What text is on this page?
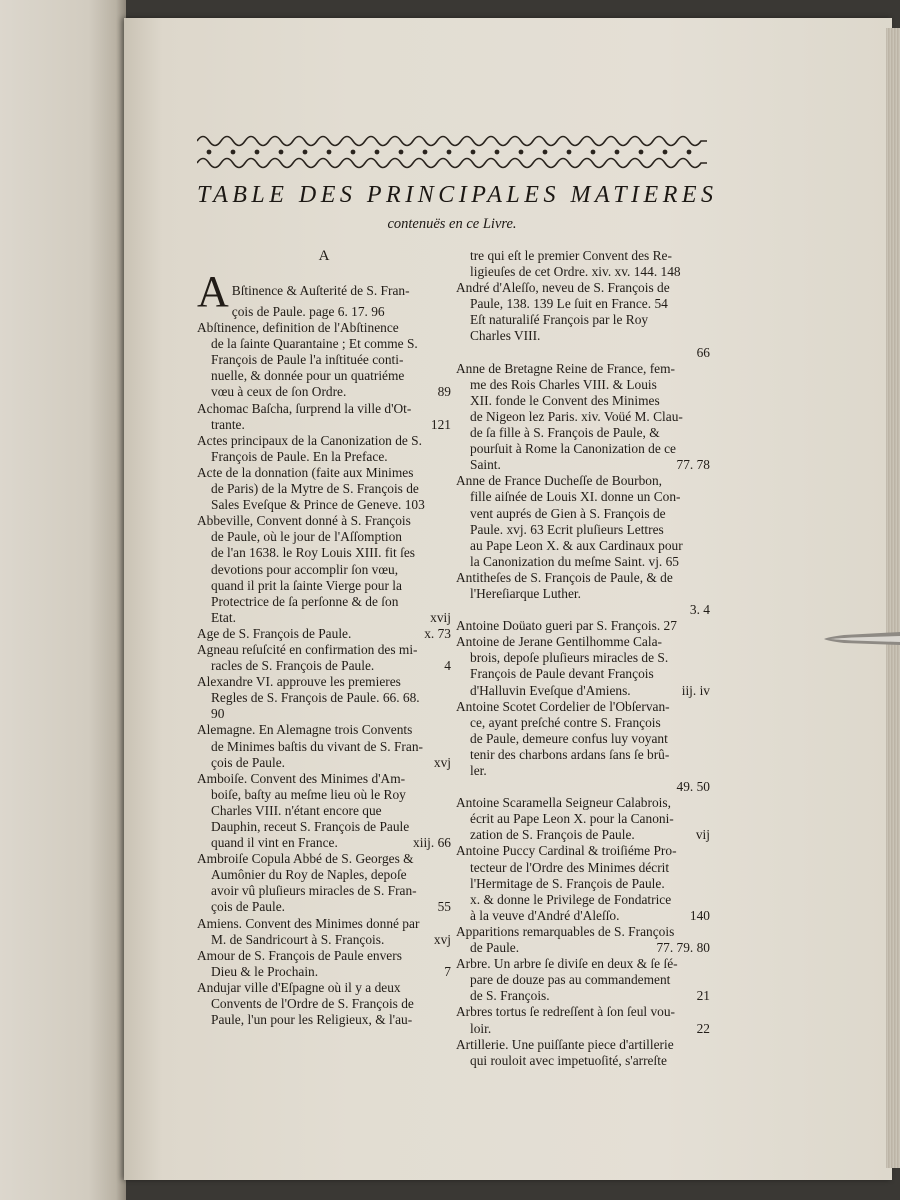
TABLE DES PRINCIPALES MATIERES
contenuës en ce Livre.
A
A Bſtinence & Auſterité de S. Fran-
çois de Paule. page 6. 17. 96
Abſtinence, definition de l'Abſtinence
de la ſainte Quarantaine ; Et comme S.
François de Paule l'a inſtituée conti-
nuelle, & donnée pour un quatriéme
89
vœu à ceux de ſon Ordre.
Achomac Baſcha, ſurprend la ville d'Ot-
121
trante.
Actes principaux de la Canonization de S.
François de Paule. En la Preface.
Acte de la donnation (faite aux Minimes
de Paris) de la Mytre de S. François de
Sales Eveſque & Prince de Geneve. 103
Abbeville, Convent donné à S. François
de Paule, où le jour de l'Aſſomption
de l'an 1638. le Roy Louis XIII. fit ſes
devotions pour accomplir ſon vœu,
quand il prit la ſainte Vierge pour la
Protectrice de ſa perſonne & de ſon
xvij
Etat.
x. 73
Age de S. François de Paule.
Agneau reſuſcité en confirmation des mi-
4
racles de S. François de Paule.
Alexandre VI. approuve les premieres
Regles de S. François de Paule. 66. 68.
90
Alemagne. En Alemagne trois Convents
de Minimes baſtis du vivant de S. Fran-
xvj
çois de Paule.
Amboiſe. Convent des Minimes d'Am-
boiſe, baſty au meſme lieu où le Roy
Charles VIII. n'étant encore que
Dauphin, receut S. François de Paule
xiij. 66
quand il vint en France.
Ambroiſe Copula Abbé de S. Georges &
Aumônier du Roy de Naples, depoſe
avoir vû pluſieurs miracles de S. Fran-
55
çois de Paule.
Amiens. Convent des Minimes donné par
xvj
M. de Sandricourt à S. François.
Amour de S. François de Paule envers
7
Dieu & le Prochain.
Andujar ville d'Eſpagne où il y a deux
Convents de l'Ordre de S. François de
Paule, l'un pour les Religieux, & l'au-
tre qui eſt le premier Convent des Re-
ligieuſes de cet Ordre. xiv. xv. 144. 148
André d'Aleſſo, neveu de S. François de
Paule, 138. 139 Le ſuit en France. 54
Eſt naturaliſé François par le Roy
Charles VIII.
66

Anne de Bretagne Reine de France, fem-
me des Rois Charles VIII. & Louis
XII. fonde le Convent des Minimes
de Nigeon lez Paris. xiv. Voüé M. Clau-
de ſa fille à S. François de Paule, &
pourſuit à Rome la Canonization de ce
77. 78
Saint.
Anne de France Ducheſſe de Bourbon,
fille aiſnée de Louis XI. donne un Con-
vent auprés de Gien à S. François de
Paule. xvj. 63 Ecrit pluſieurs Lettres
au Pape Leon X. & aux Cardinaux pour
la Canonization du meſme Saint. vj. 65
Antitheſes de S. François de Paule, & de
l'Hereſiarque Luther.
3. 4

Antoine Doüato gueri par S. François. 27
Antoine de Jerane Gentilhomme Cala-
brois, depoſe pluſieurs miracles de S.
François de Paule devant François
iij. iv
d'Halluvin Eveſque d'Amiens.
Antoine Scotet Cordelier de l'Obſervan-
ce, ayant preſché contre S. François
de Paule, demeure confus luy voyant
tenir des charbons ardans ſans ſe brû-
ler.
49. 50

Antoine Scaramella Seigneur Calabrois,
écrit au Pape Leon X. pour la Canoni-
vij
zation de S. François de Paule.
Antoine Puccy Cardinal & troiſiéme Pro-
tecteur de l'Ordre des Minimes décrit
l'Hermitage de S. François de Paule.
x. & donne le Privilege de Fondatrice
140
à la veuve d'André d'Aleſſo.
Apparitions remarquables de S. François
77. 79. 80
de Paule.
Arbre. Un arbre ſe diviſe en deux & ſe ſé-
pare de douze pas au commandement
21
de S. François.
Arbres tortus ſe redreſſent à ſon ſeul vou-
22
loir.
Artillerie. Une puiſſante piece d'artillerie
qui rouloit avec impetuoſité, s'arreſte
